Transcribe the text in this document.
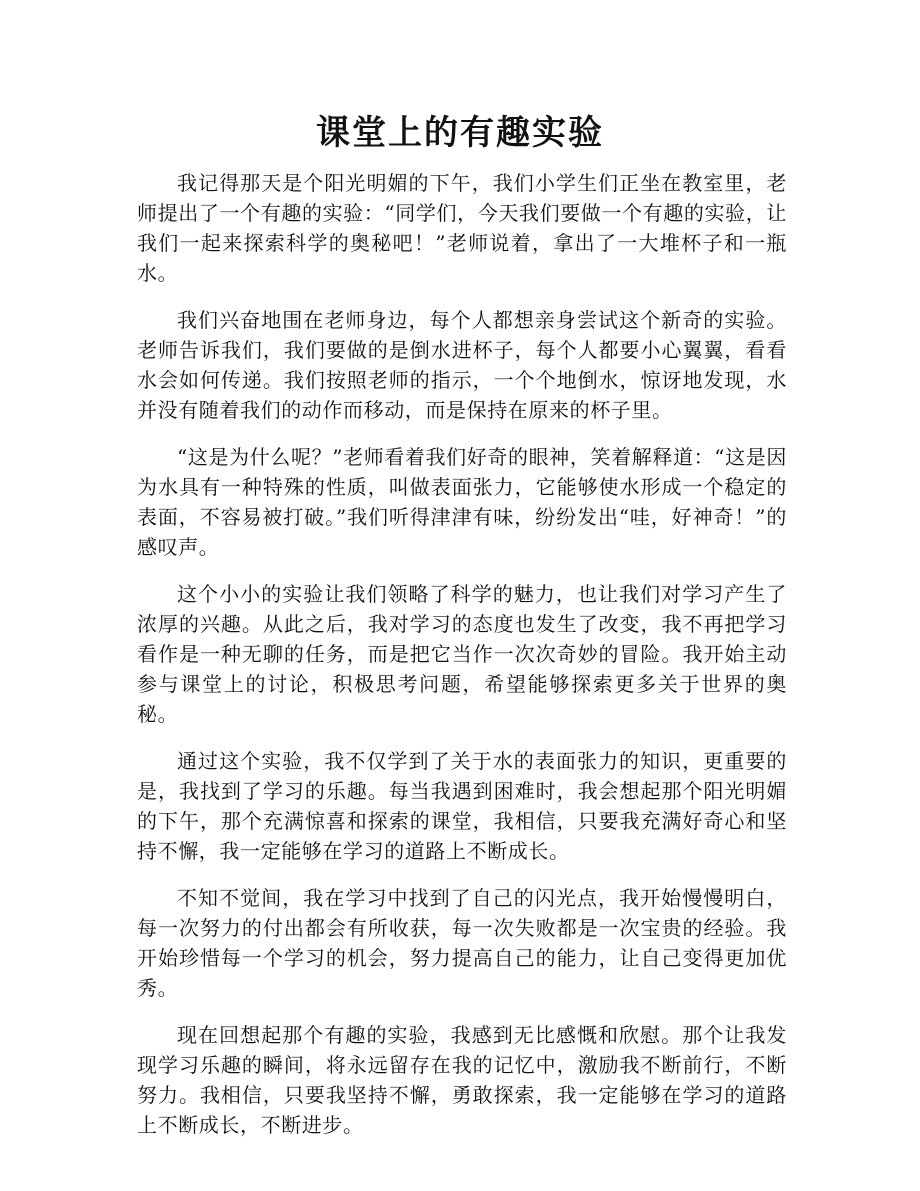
课堂上的有趣实验

我记得那天是个阳光明媚的下午，我们小学生们正坐在教室里，老师提出了一个有趣的实验：“同学们，今天我们要做一个有趣的实验，让我们一起来探索科学的奥秘吧！”老师说着，拿出了一大堆杯子和一瓶水。

我们兴奋地围在老师身边，每个人都想亲身尝试这个新奇的实验。老师告诉我们，我们要做的是倒水进杯子，每个人都要小心翼翼，看看水会如何传递。我们按照老师的指示，一个个地倒水，惊讶地发现，水并没有随着我们的动作而移动，而是保持在原来的杯子里。

“这是为什么呢？”老师看着我们好奇的眼神，笑着解释道：“这是因为水具有一种特殊的性质，叫做表面张力，它能够使水形成一个稳定的表面，不容易被打破。”我们听得津津有味，纷纷发出“哇，好神奇！”的感叹声。

这个小小的实验让我们领略了科学的魅力，也让我们对学习产生了浓厚的兴趣。从此之后，我对学习的态度也发生了改变，我不再把学习看作是一种无聊的任务，而是把它当作一次次奇妙的冒险。我开始主动参与课堂上的讨论，积极思考问题，希望能够探索更多关于世界的奥秘。

通过这个实验，我不仅学到了关于水的表面张力的知识，更重要的是，我找到了学习的乐趣。每当我遇到困难时，我会想起那个阳光明媚的下午，那个充满惊喜和探索的课堂，我相信，只要我充满好奇心和坚持不懈，我一定能够在学习的道路上不断成长。

不知不觉间，我在学习中找到了自己的闪光点，我开始慢慢明白，每一次努力的付出都会有所收获，每一次失败都是一次宝贵的经验。我开始珍惜每一个学习的机会，努力提高自己的能力，让自己变得更加优秀。

现在回想起那个有趣的实验，我感到无比感慨和欣慰。那个让我发现学习乐趣的瞬间，将永远留存在我的记忆中，激励我不断前行，不断努力。我相信，只要我坚持不懈，勇敢探索，我一定能够在学习的道路上不断成长，不断进步。
